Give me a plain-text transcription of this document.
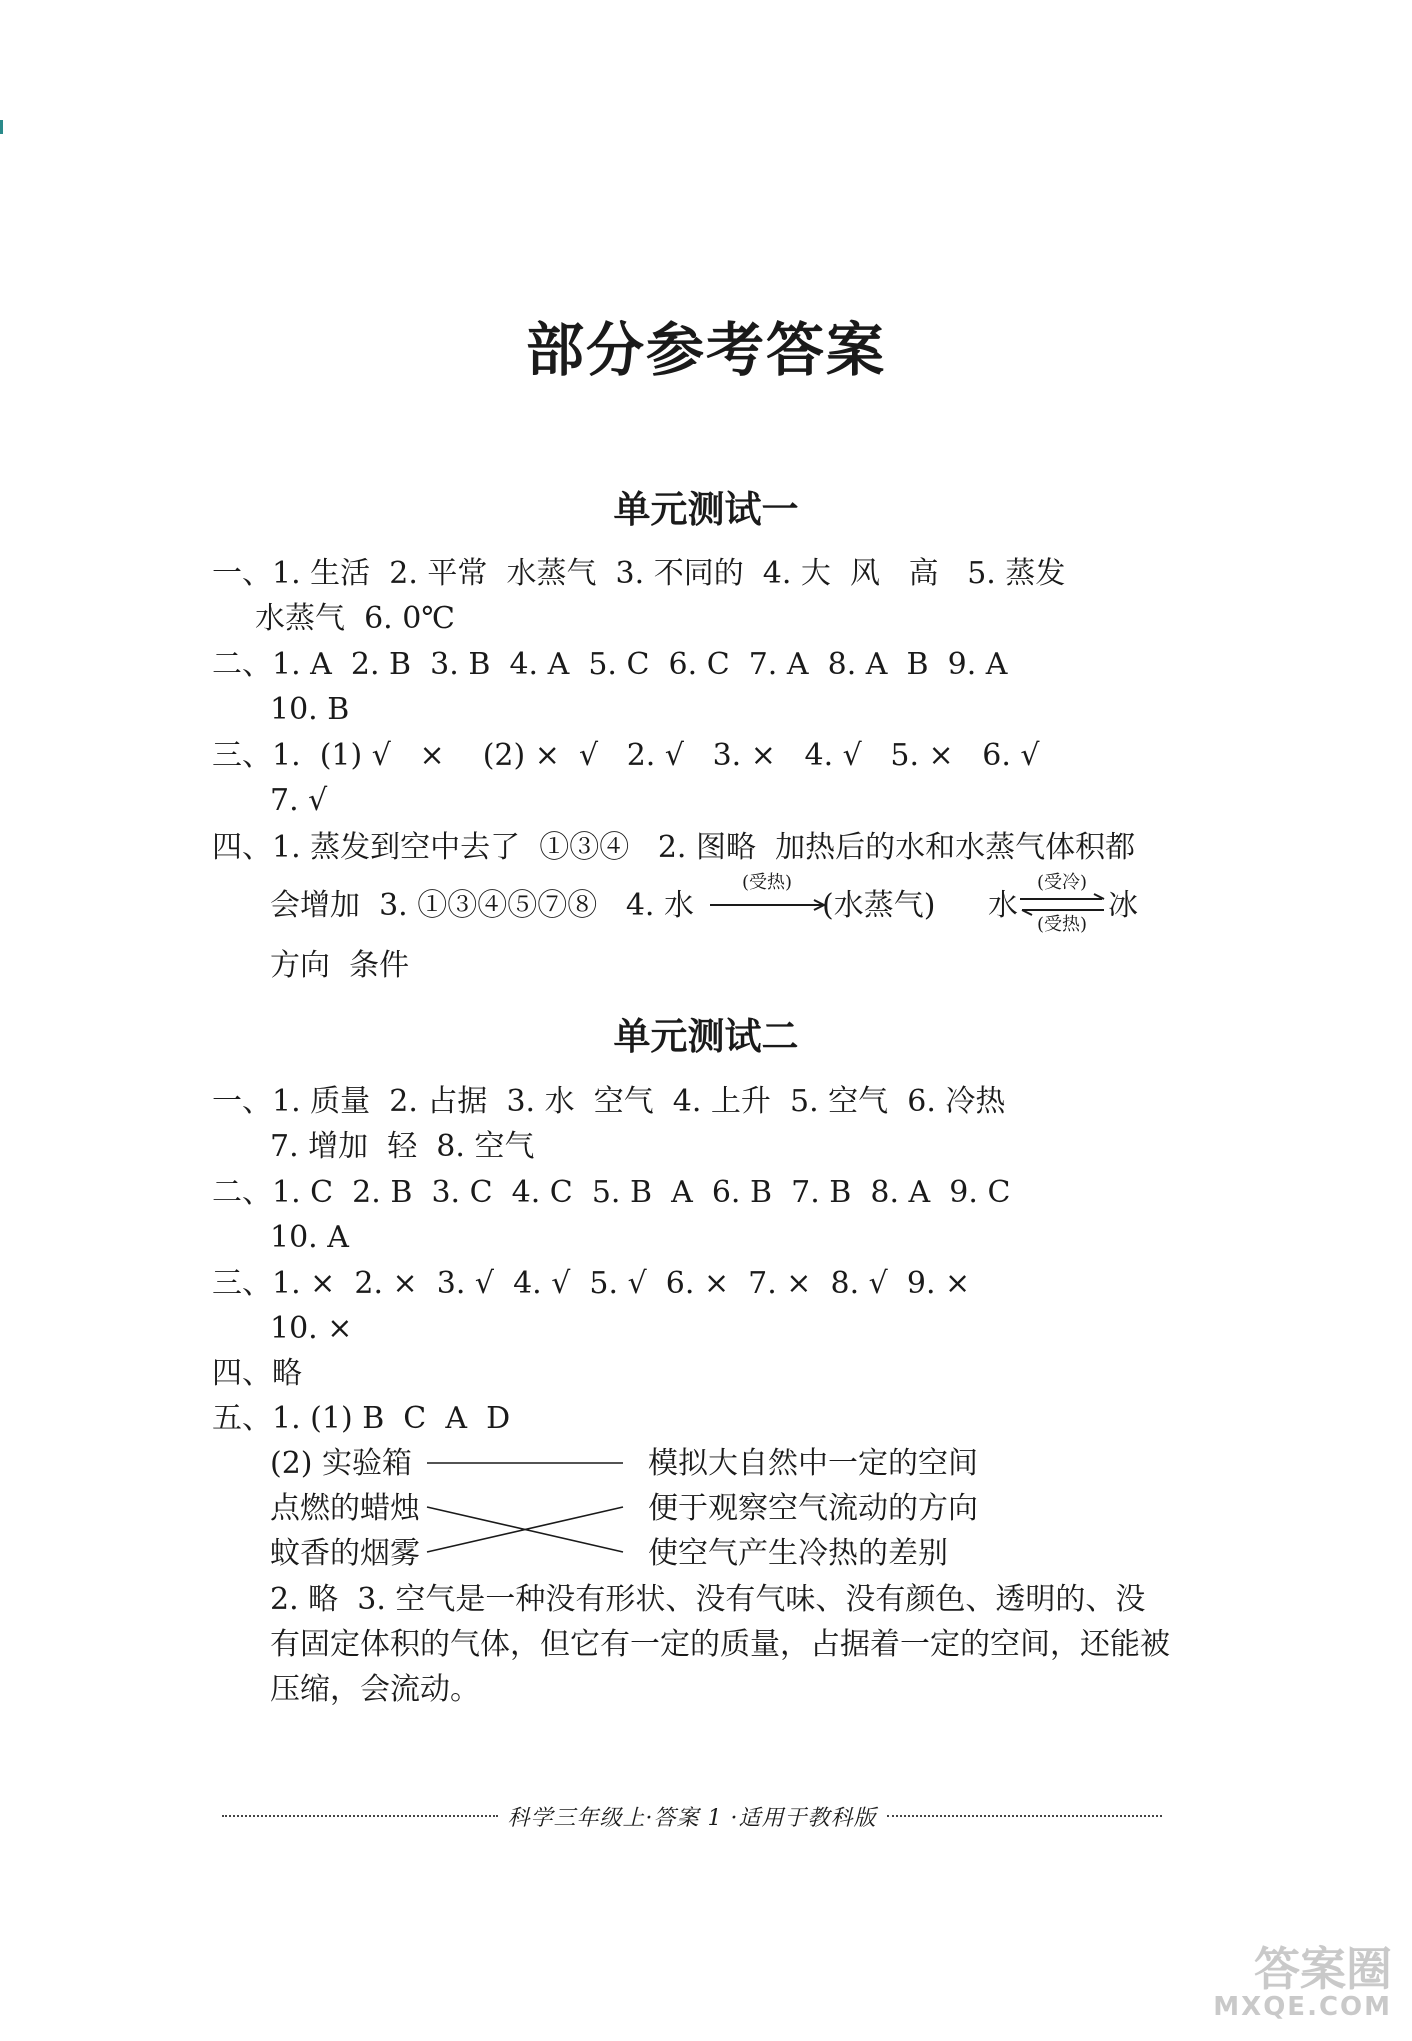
部分参考答案
单元测试一
一、1. 生活  2. 平常  水蒸气  3. 不同的  4. 大  风   高   5. 蒸发
水蒸气  6. 0℃
二、1. A  2. B  3. B  4. A  5. C  6. C  7. A  8. A  B  9. A
10. B
三、1.  (1) √   ×    (2) ×  √   2. √   3. ×   4. √   5. ×   6. √
7. √
四、1. 蒸发到空中去了  ①③④   2. 图略  加热后的水和水蒸气体积都
会增加  3. ①③④⑤⑦⑧   4. 水
(受热)
(水蒸气) 水
(受冷)
(受热)
冰
方向  条件
单元测试二
一、1. 质量  2. 占据  3. 水  空气  4. 上升  5. 空气  6. 冷热
7. 增加  轻  8. 空气
二、1. C  2. B  3. C  4. C  5. B  A  6. B  7. B  8. A  9. C
10. A
三、1. ×  2. ×  3. √  4. √  5. √  6. ×  7. ×  8. √  9. ×
10. ×
四、略
五、1. (1) B  C  A  D
(2) 实验箱
点燃的蜡烛
蚊香的烟雾
模拟大自然中一定的空间
便于观察空气流动的方向
使空气产生冷热的差别
2. 略  3. 空气是一种没有形状、没有气味、没有颜色、透明的、没
有固定体积的气体，但它有一定的质量，占据着一定的空间，还能被
压缩，会流动。
科学三年级上·答案 1 ·适用于教科版
答案圈
MXQE.COM
